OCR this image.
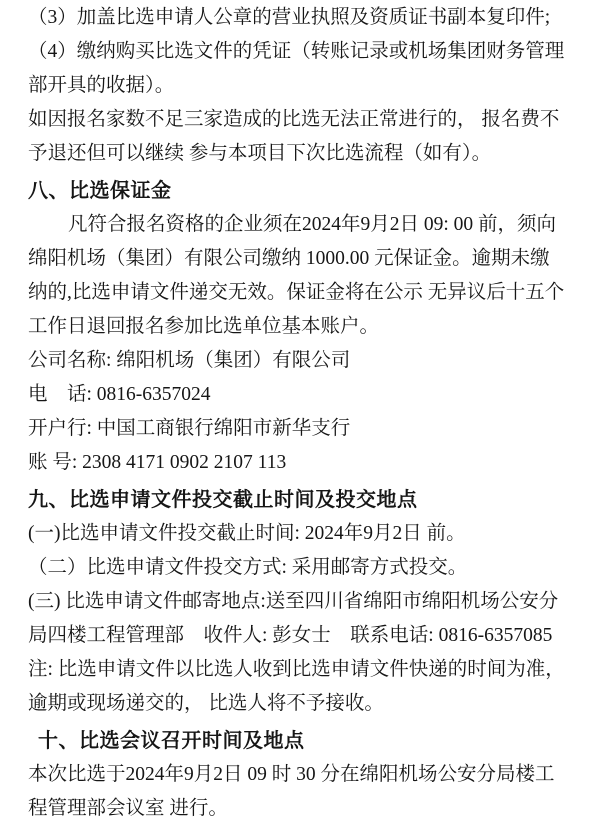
（3）加盖比选申请人公章的营业执照及资质证书副本复印件;
（4）缴纳购买比选文件的凭证（转账记录或机场集团财务管理
部开具的收据）。
如因报名家数不足三家造成的比选无法正常进行的， 报名费不
予退还但可以继续 参与本项目下次比选流程（如有）。
八、比选保证金
凡符合报名资格的企业须在2024年9月2日 09: 00 前，须向
绵阳机场（集团）有限公司缴纳 1000.00 元保证金。逾期未缴
纳的,比选申请文件递交无效。保证金将在公示 无异议后十五个
工作日退回报名参加比选单位基本账户。
公司名称: 绵阳机场（集团）有限公司
电　话: 0816-6357024
开户行: 中国工商银行绵阳市新华支行
账 号: 2308 4171 0902 2107 113
九、比选申请文件投交截止时间及投交地点
(一)比选申请文件投交截止时间: 2024年9月2日 前。
（二）比选申请文件投交方式: 采用邮寄方式投交。
(三) 比选申请文件邮寄地点:送至四川省绵阳市绵阳机场公安分
局四楼工程管理部　收件人: 彭女士　联系电话: 0816-6357085
注: 比选申请文件以比选人收到比选申请文件快递的时间为准，
逾期或现场递交的， 比选人将不予接收。
十、比选会议召开时间及地点
本次比选于2024年9月2日 09 时 30 分在绵阳机场公安分局楼工
程管理部会议室 进行。
